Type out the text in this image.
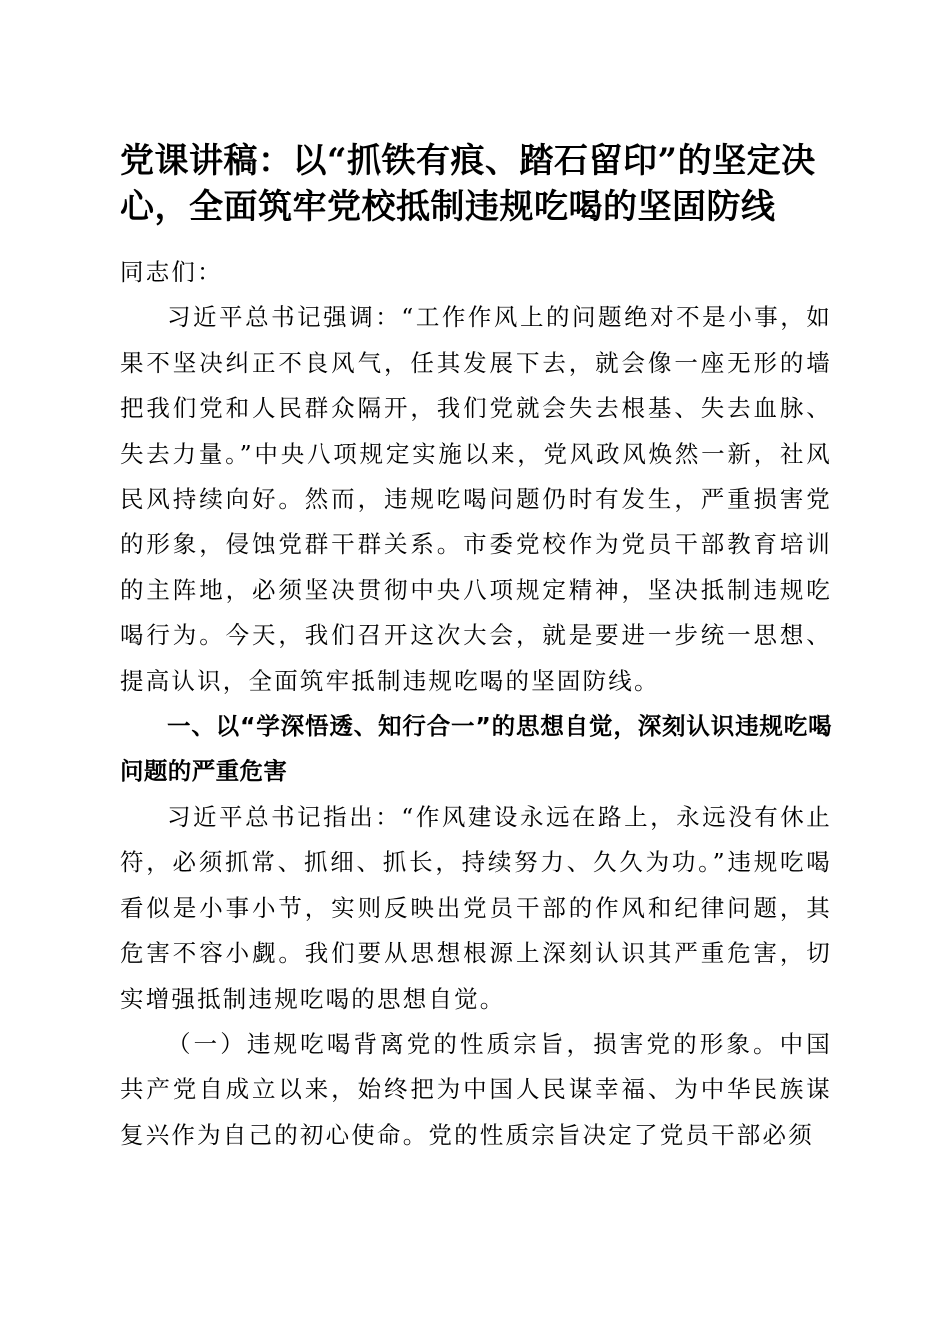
党课讲稿：以“抓铁有痕、踏石留印”的坚定决心，全面筑牢党校抵制违规吃喝的坚固防线

同志们：

习近平总书记强调：“工作作风上的问题绝对不是小事，如果不坚决纠正不良风气，任其发展下去，就会像一座无形的墙把我们党和人民群众隔开，我们党就会失去根基、失去血脉、失去力量。”中央八项规定实施以来，党风政风焕然一新，社风民风持续向好。然而，违规吃喝问题仍时有发生，严重损害党的形象，侵蚀党群干群关系。市委党校作为党员干部教育培训的主阵地，必须坚决贯彻中央八项规定精神，坚决抵制违规吃喝行为。今天，我们召开这次大会，就是要进一步统一思想、提高认识，全面筑牢抵制违规吃喝的坚固防线。

一、以“学深悟透、知行合一”的思想自觉，深刻认识违规吃喝问题的严重危害

习近平总书记指出：“作风建设永远在路上，永远没有休止符，必须抓常、抓细、抓长，持续努力、久久为功。”违规吃喝看似是小事小节，实则反映出党员干部的作风和纪律问题，其危害不容小觑。我们要从思想根源上深刻认识其严重危害，切实增强抵制违规吃喝的思想自觉。

（一）违规吃喝背离党的性质宗旨，损害党的形象。中国共产党自成立以来，始终把为中国人民谋幸福、为中华民族谋复兴作为自己的初心使命。党的性质宗旨决定了党员干部必须
